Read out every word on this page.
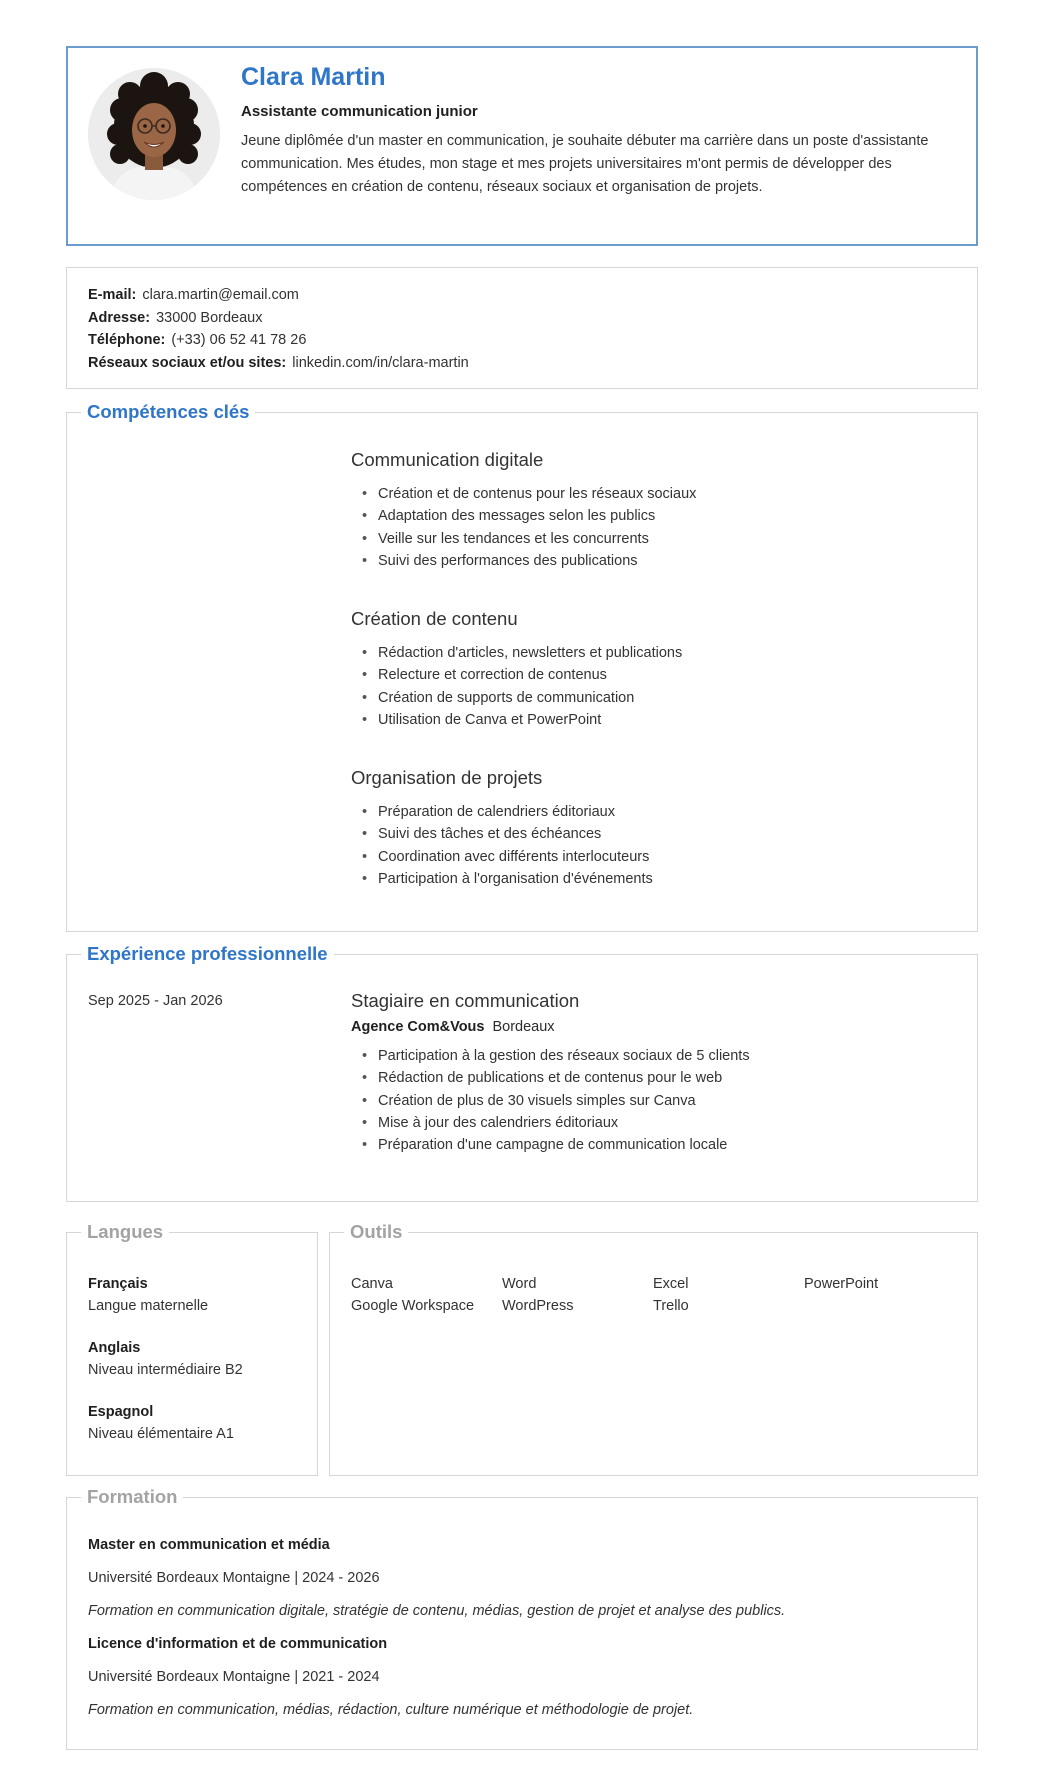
Clara Martin
Assistante communication junior
Jeune diplômée d'un master en communication, je souhaite débuter ma carrière dans un poste d'assistante communication. Mes études, mon stage et mes projets universitaires m'ont permis de développer des compétences en création de contenu, réseaux sociaux et organisation de projets.
E-mail: clara.martin@email.com
Adresse: 33000 Bordeaux
Téléphone: (+33) 06 52 41 78 26
Réseaux sociaux et/ou sites: linkedin.com/in/clara-martin
Compétences clés
Communication digitale
• Création et de contenus pour les réseaux sociaux
• Adaptation des messages selon les publics
• Veille sur les tendances et les concurrents
• Suivi des performances des publications
Création de contenu
• Rédaction d'articles, newsletters et publications
• Relecture et correction de contenus
• Création de supports de communication
• Utilisation de Canva et PowerPoint
Organisation de projets
• Préparation de calendriers éditoriaux
• Suivi des tâches et des échéances
• Coordination avec différents interlocuteurs
• Participation à l'organisation d'événements
Expérience professionnelle
Sep 2025 - Jan 2026	Stagiaire en communication
Agence Com&Vous Bordeaux
• Participation à la gestion des réseaux sociaux de 5 clients
• Rédaction de publications et de contenus pour le web
• Création de plus de 30 visuels simples sur Canva
• Mise à jour des calendriers éditoriaux
• Préparation d'une campagne de communication locale
Langues
Français
Langue maternelle
Anglais
Niveau intermédiaire B2
Espagnol
Niveau élémentaire A1
Outils
Canva	Word	Excel	PowerPoint
Google Workspace	WordPress	Trello
Formation
Master en communication et média
Université Bordeaux Montaigne | 2024 - 2026
Formation en communication digitale, stratégie de contenu, médias, gestion de projet et analyse des publics.
Licence d'information et de communication
Université Bordeaux Montaigne | 2021 - 2024
Formation en communication, médias, rédaction, culture numérique et méthodologie de projet.
